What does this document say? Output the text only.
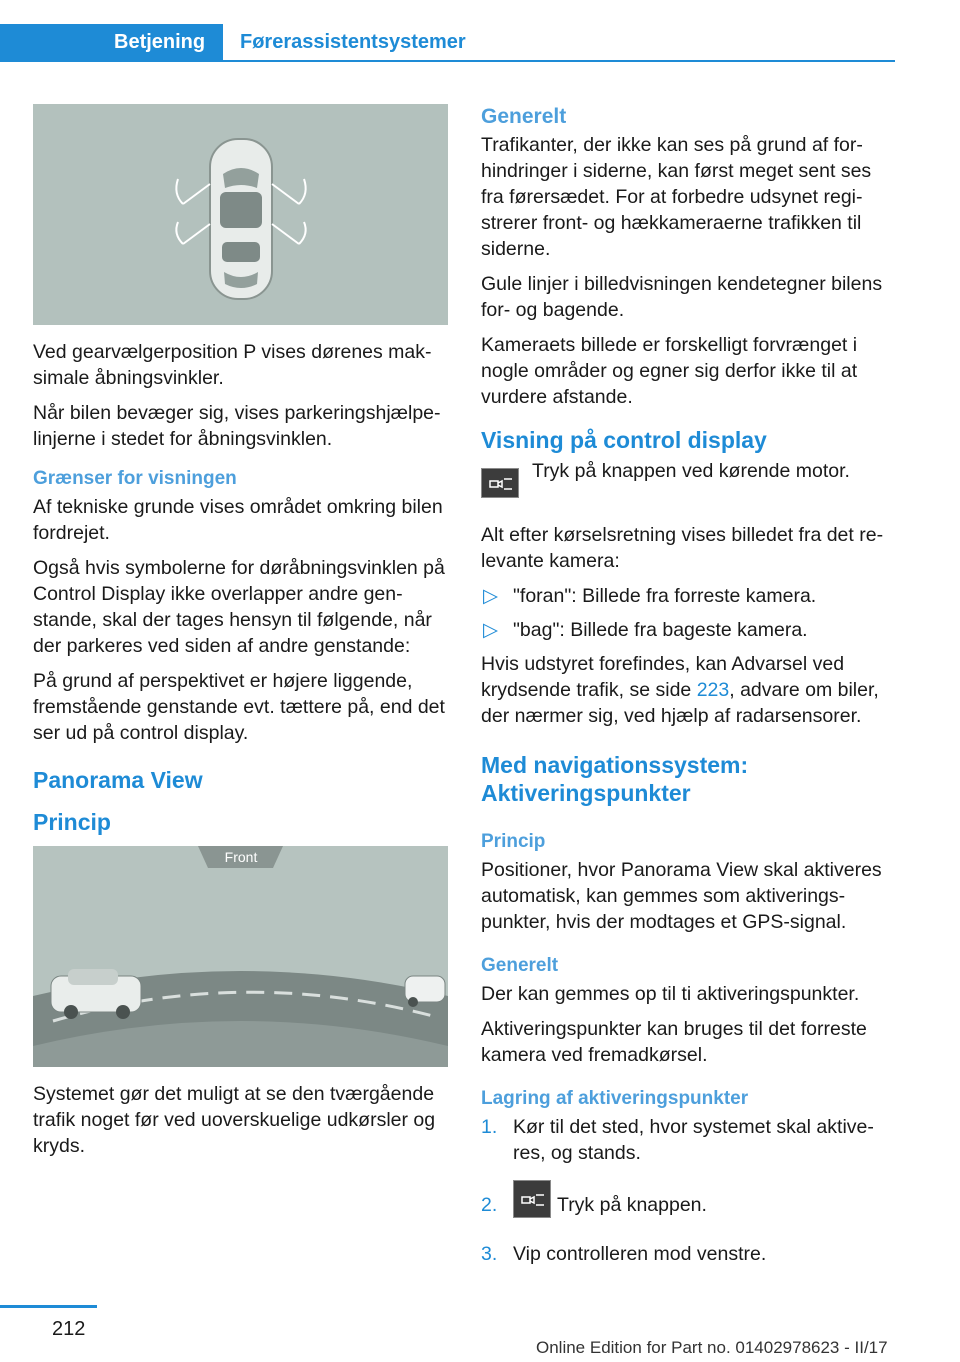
Betjening	Førerassistentsystemer

Ved gearvælgerposition P vises dørenes maksimale åbningsvinkler.

Når bilen bevæger sig, vises parkeringshjælpelinjerne i stedet for åbningsvinklen.

Grænser for visningen

Af tekniske grunde vises området omkring bilen fordrejet.

Også hvis symbolerne for døråbningsvinklen på Control Display ikke overlapper andre genstande, skal der tages hensyn til følgende, når der parkeres ved siden af andre genstande:

På grund af perspektivet er højere liggende, fremstående genstande evt. tættere på, end det ser ud på control display.

Panorama View
Princip
Front

Systemet gør det muligt at se den tværgående trafik noget før ved uoverskuelige udkørsler og kryds.

Generelt

Trafikanter, der ikke kan ses på grund af forhindringer i siderne, kan først meget sent ses fra førersædet. For at forbedre udsynet registrerer front- og hækkameraerne trafikken til siderne.

Gule linjer i billedvisningen kendetegner bilens for- og bagende.

Kameraets billede er forskelligt forvrænget i nogle områder og egner sig derfor ikke til at vurdere afstande.

Visning på control display

Tryk på knappen ved kørende motor.

Alt efter kørselsretning vises billedet fra det relevante kamera:

▷ "foran": Billede fra forreste kamera.
▷ "bag": Billede fra bageste kamera.

Hvis udstyret forefindes, kan Advarsel ved krydsende trafik, se side 223, advare om biler, der nærmer sig, ved hjælp af radarsensorer.

Med navigationssystem:
Aktiveringspunkter
Princip

Positioner, hvor Panorama View skal aktiveres automatisk, kan gemmes som aktiveringspunkter, hvis der modtages et GPS-signal.

Generelt

Der kan gemmes op til ti aktiveringspunkter.

Aktiveringspunkter kan bruges til det forreste kamera ved fremadkørsel.

Lagring af aktiveringspunkter
1. Kør til det sted, hvor systemet skal aktiveres, og stands.
2.	Tryk på knappen.
3. Vip controlleren mod venstre.
212
Online Edition for Part no. 01402978623 - II/17
